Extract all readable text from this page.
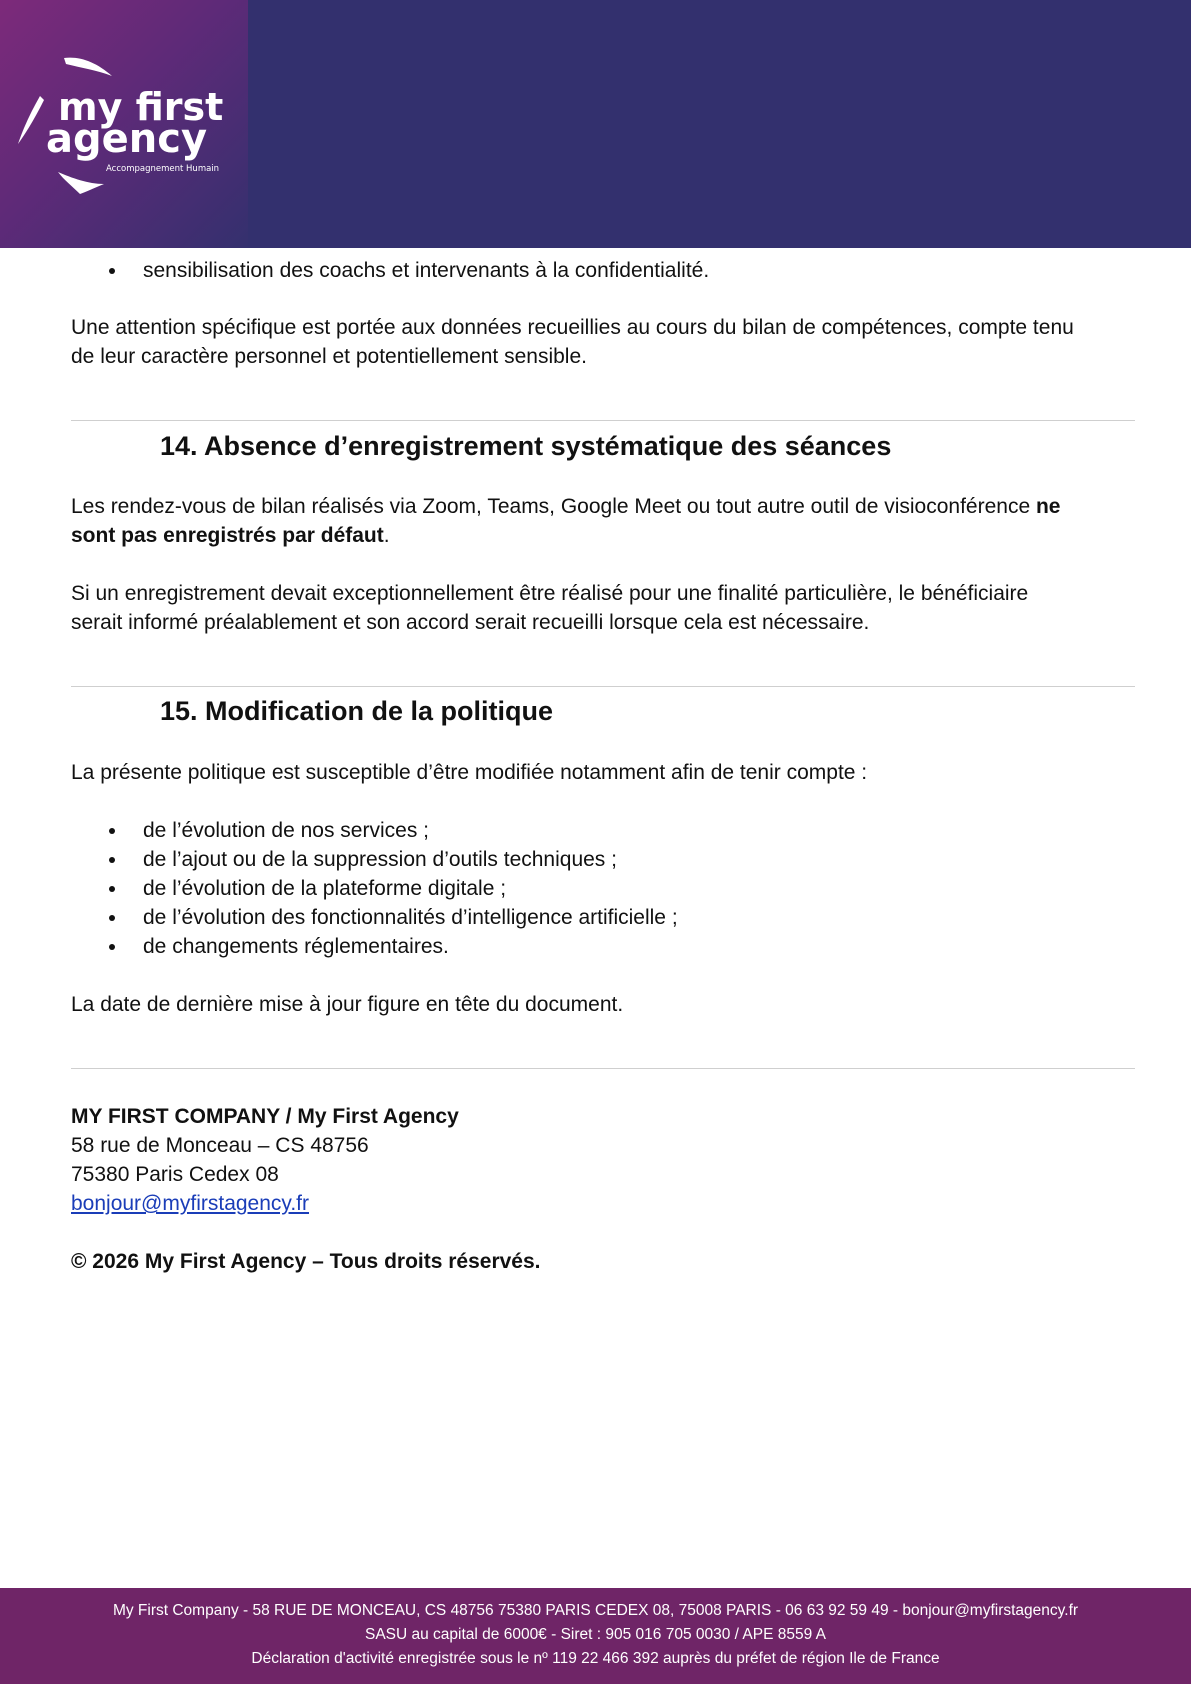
my first
agency
Accompagnement Humain
sensibilisation des coachs et intervenants à la confidentialité.

Une attention spécifique est portée aux données recueillies au cours du bilan de compétences, compte tenu

de leur caractère personnel et potentiellement sensible.

14. Absence d’enregistrement systématique des séances

Les rendez-vous de bilan réalisés via Zoom, Teams, Google Meet ou tout autre outil de visioconférence ne

sont pas enregistrés par défaut.

Si un enregistrement devait exceptionnellement être réalisé pour une finalité particulière, le bénéficiaire

serait informé préalablement et son accord serait recueilli lorsque cela est nécessaire.

15. Modification de la politique

La présente politique est susceptible d’être modifiée notamment afin de tenir compte :

de l’évolution de nos services ;
de l’ajout ou de la suppression d’outils techniques ;
de l’évolution de la plateforme digitale ;
de l’évolution des fonctionnalités d’intelligence artificielle ;
de changements réglementaires.

La date de dernière mise à jour figure en tête du document.

MY FIRST COMPANY / My First Agency

58 rue de Monceau – CS 48756

75380 Paris Cedex 08

bonjour@myfirstagency.fr

© 2026 My First Agency – Tous droits réservés.

My First Company - 58 RUE DE MONCEAU, CS 48756 75380 PARIS CEDEX 08, 75008 PARIS - 06 63 92 59 49 - bonjour@myfirstagency.fr
SASU au capital de 6000€ - Siret : 905 016 705 0030 / APE 8559 A
Déclaration d'activité enregistrée sous le nº 119 22 466 392 auprès du préfet de région Ile de France
